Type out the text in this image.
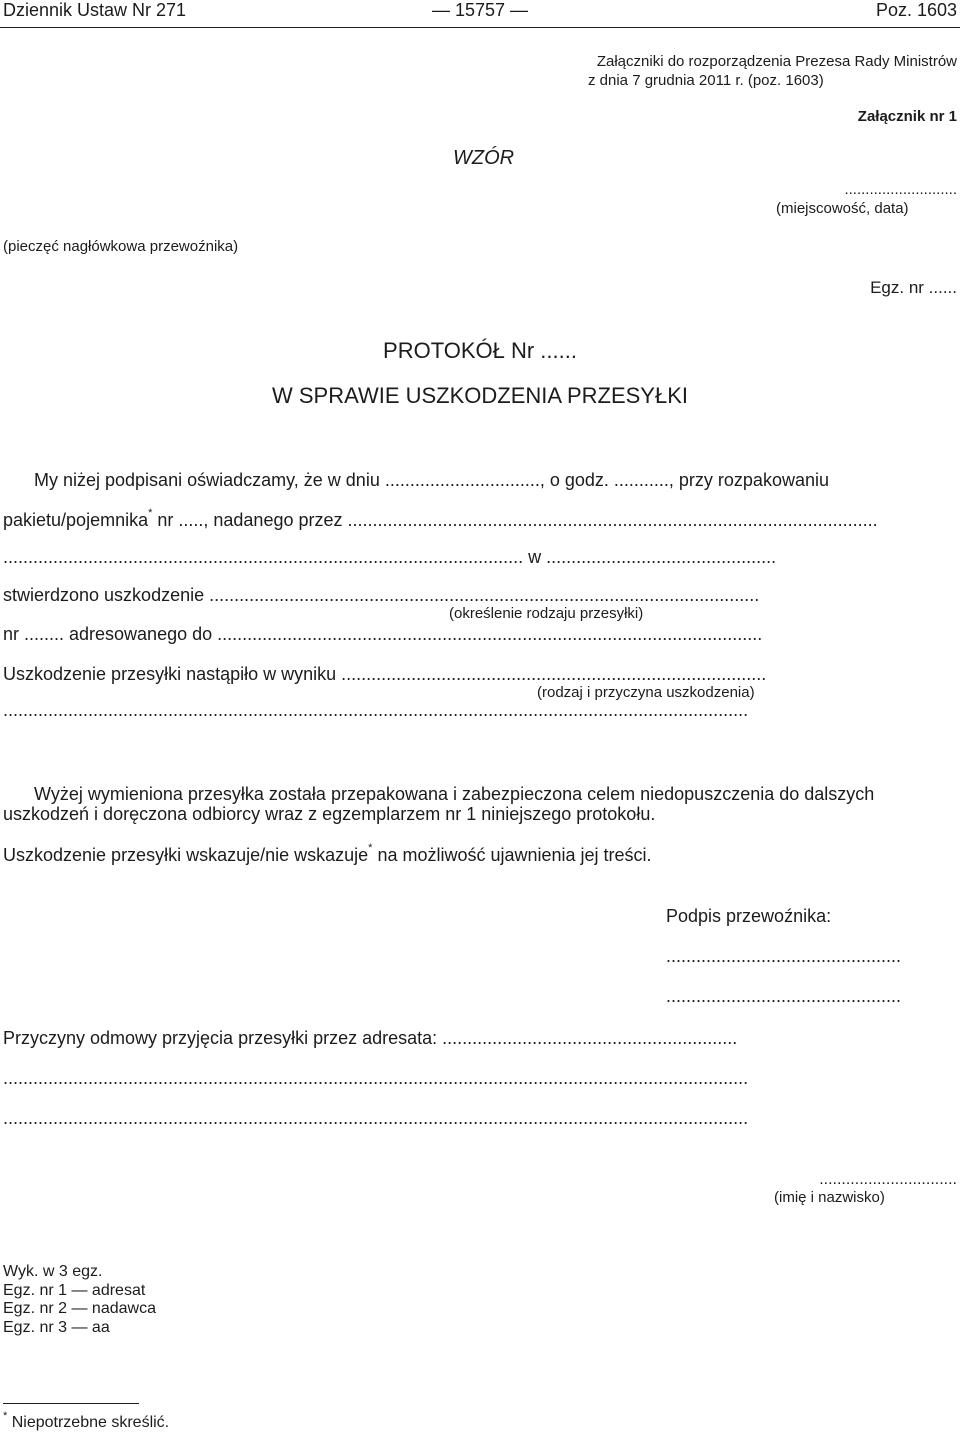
Dziennik Ustaw Nr 271	— 15757 —	Poz. 1603
Załączniki do rozporządzenia Prezesa Rady Ministrów
z dnia 7 grudnia 2011 r. (poz. 1603)
Załącznik nr 1
WZÓR
...........................
(miejscowość, data)
(pieczęć nagłówkowa przewoźnika)
Egz. nr ......
PROTOKÓŁ Nr ......
W SPRAWIE USZKODZENIA PRZESYŁKI
My niżej podpisani oświadczamy, że w dniu ..............................., o godz. ..........., przy rozpakowaniu
pakietu/pojemnika* nr ....., nadanego przez ..........................................................................................................
........................................................................................................ w ..............................................
stwierdzono uszkodzenie ..............................................................................................................
(określenie rodzaju przesyłki)
nr ........ adresowanego do .............................................................................................................
Uszkodzenie przesyłki nastąpiło w wyniku .....................................................................................
(rodzaj i przyczyna uszkodzenia)
.....................................................................................................................................................
Wyżej wymieniona przesyłka została przepakowana i zabezpieczona celem niedopuszczenia do dalszych
uszkodzeń i doręczona odbiorcy wraz z egzemplarzem nr 1 niniejszego protokołu.
Uszkodzenie przesyłki wskazuje/nie wskazuje* na możliwość ujawnienia jej treści.
Podpis przewoźnika:
...............................................
...............................................
Przyczyny odmowy przyjęcia przesyłki przez adresata: ...........................................................
.....................................................................................................................................................
.....................................................................................................................................................
...............................
(imię i nazwisko)
Wyk. w 3 egz.
Egz. nr 1 — adresat
Egz. nr 2 — nadawca
Egz. nr 3 — aa
* Niepotrzebne skreślić.
